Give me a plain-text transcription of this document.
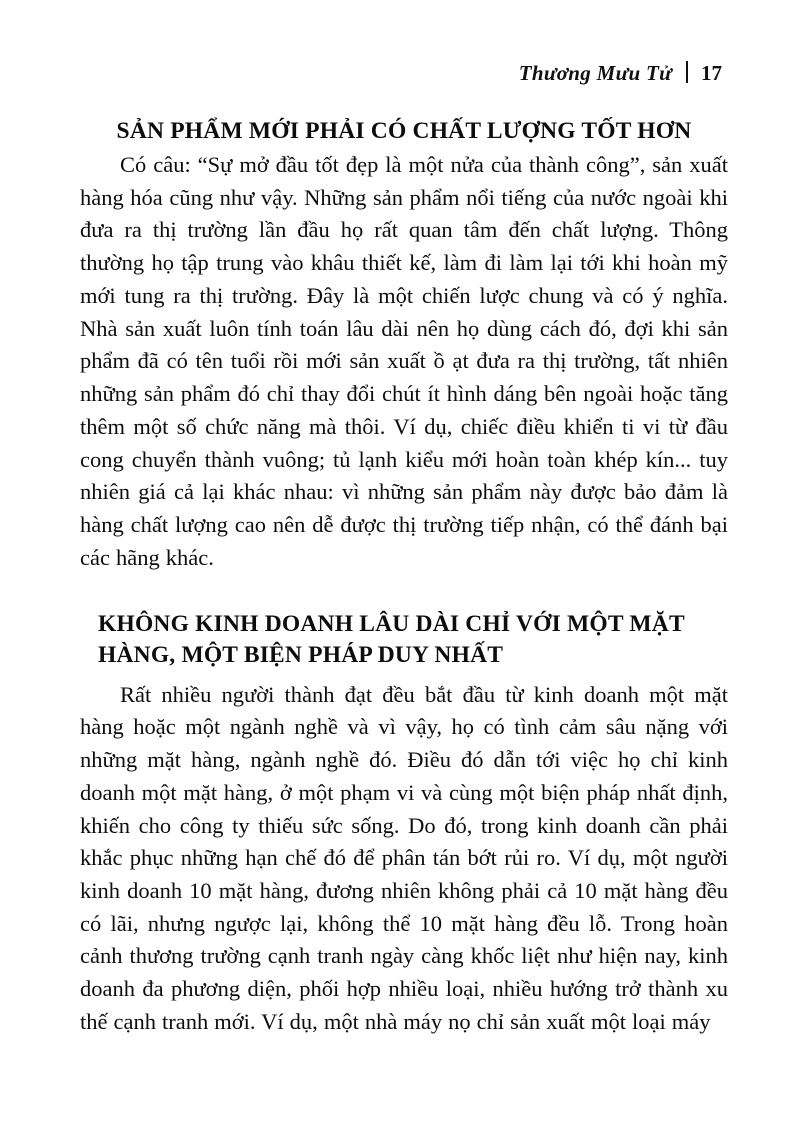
Thương Mưu Tử 17
SẢN PHẨM MỚI PHẢI CÓ CHẤT LƯỢNG TỐT HƠN

Có câu: “Sự mở đầu tốt đẹp là một nửa của thành công”, sản xuất hàng hóa cũng như vậy. Những sản phẩm nổi tiếng của nước ngoài khi đưa ra thị trường lần đầu họ rất quan tâm đến chất lượng. Thông thường họ tập trung vào khâu thiết kế, làm đi làm lại tới khi hoàn mỹ mới tung ra thị trường. Đây là một chiến lược chung và có ý nghĩa. Nhà sản xuất luôn tính toán lâu dài nên họ dùng cách đó, đợi khi sản phẩm đã có tên tuổi rồi mới sản xuất ồ ạt đưa ra thị trường, tất nhiên những sản phẩm đó chỉ thay đổi chút ít hình dáng bên ngoài hoặc tăng thêm một số chức năng mà thôi. Ví dụ, chiếc điều khiển ti vi từ đầu cong chuyển thành vuông; tủ lạnh kiểu mới hoàn toàn khép kín... tuy nhiên giá cả lại khác nhau: vì những sản phẩm này được bảo đảm là hàng chất lượng cao nên dễ được thị trường tiếp nhận, có thể đánh bại các hãng khác.

KHÔNG KINH DOANH LÂU DÀI CHỈ VỚI MỘT MẶT HÀNG, MỘT BIỆN PHÁP DUY NHẤT

Rất nhiều người thành đạt đều bắt đầu từ kinh doanh một mặt hàng hoặc một ngành nghề và vì vậy, họ có tình cảm sâu nặng với những mặt hàng, ngành nghề đó. Điều đó dẫn tới việc họ chỉ kinh doanh một mặt hàng, ở một phạm vi và cùng một biện pháp nhất định, khiến cho công ty thiếu sức sống. Do đó, trong kinh doanh cần phải khắc phục những hạn chế đó để phân tán bớt rủi ro. Ví dụ, một người kinh doanh 10 mặt hàng, đương nhiên không phải cả 10 mặt hàng đều có lãi, nhưng ngược lại, không thể 10 mặt hàng đều lỗ. Trong hoàn cảnh thương trường cạnh tranh ngày càng khốc liệt như hiện nay, kinh doanh đa phương diện, phối hợp nhiều loại, nhiều hướng trở thành xu thế cạnh tranh mới. Ví dụ, một nhà máy nọ chỉ sản xuất một loại máy
